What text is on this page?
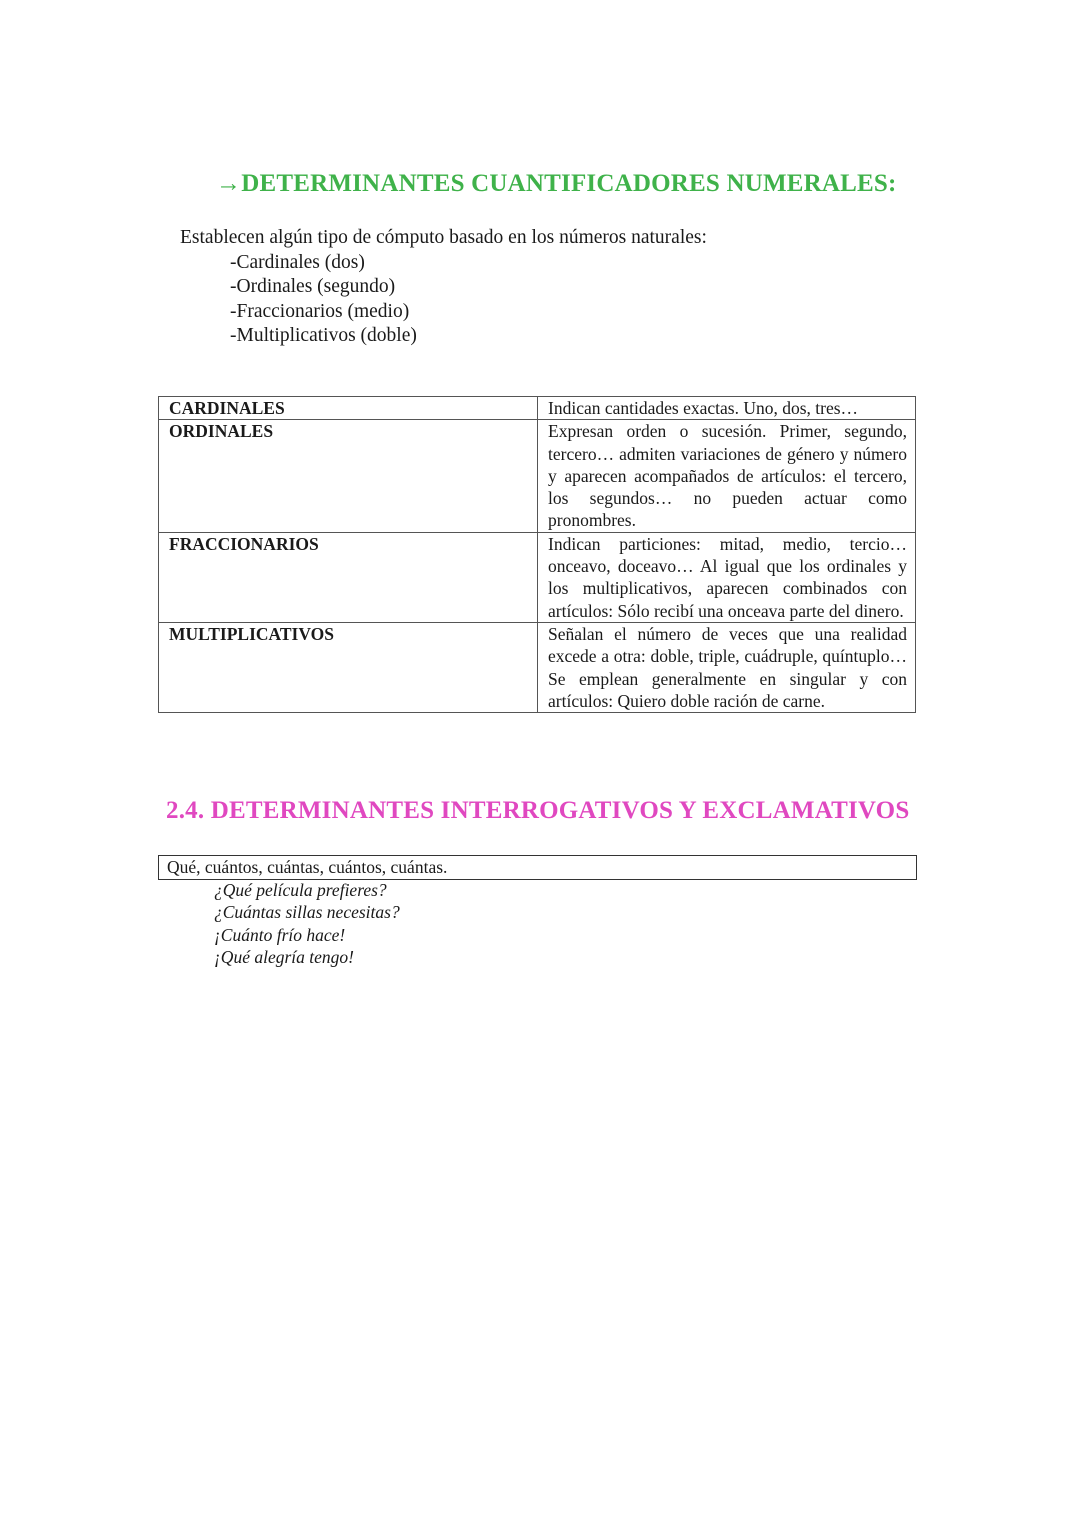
→DETERMINANTES CUANTIFICADORES NUMERALES:
Establecen algún tipo de cómputo basado en los números naturales:
-Cardinales (dos)
-Ordinales (segundo)
-Fraccionarios (medio)
-Multiplicativos (doble)
CARDINALES	Indican cantidades exactas. Uno, dos, tres…
ORDINALES	Expresan orden o sucesión. Primer, segundo, tercero… admiten variaciones de género y número y aparecen acompañados de artículos: el tercero, los segundos… no pueden actuar como pronombres.
FRACCIONARIOS	Indican particiones: mitad, medio, tercio… onceavo, doceavo… Al igual que los ordinales y los multiplicativos, aparecen combinados con artículos: Sólo recibí una onceava parte del dinero.
MULTIPLICATIVOS	Señalan el número de veces que una realidad excede a otra: doble, triple, cuádruple, quíntuplo… Se emplean generalmente en singular y con artículos: Quiero doble ración de carne.
2.4. DETERMINANTES INTERROGATIVOS Y EXCLAMATIVOS
Qué, cuántos, cuántas, cuántos, cuántas.
¿Qué película prefieres?
¿Cuántas sillas necesitas?
¡Cuánto frío hace!
¡Qué alegría tengo!
